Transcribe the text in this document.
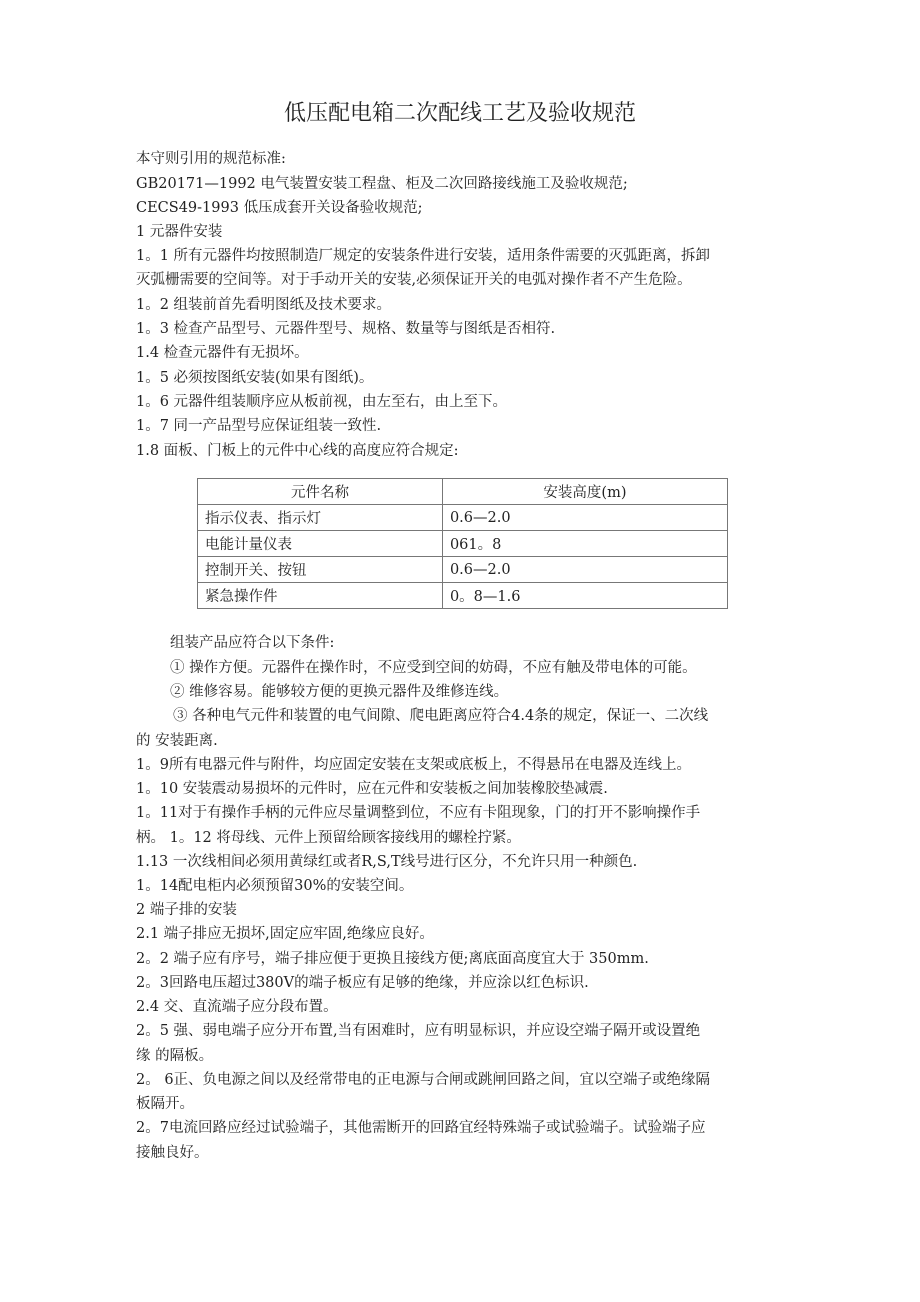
低压配电箱二次配线工艺及验收规范
本守则引用的规范标准:
GB20171—1992 电气装置安装工程盘、柜及二次回路接线施工及验收规范;
CECS49-1993 低压成套开关设备验收规范;
1 元器件安装
1。1 所有元器件均按照制造厂规定的安装条件进行安装，适用条件需要的灭弧距离，拆卸
灭弧栅需要的空间等。对于手动开关的安装,必须保证开关的电弧对操作者不产生危险。
1。2 组装前首先看明图纸及技术要求。
1。3 检查产品型号、元器件型号、规格、数量等与图纸是否相符.
1.4 检查元器件有无损坏。
1。5 必须按图纸安装(如果有图纸)。
1。6 元器件组装顺序应从板前视，由左至右，由上至下。
1。7 同一产品型号应保证组装一致性.
1.8 面板、门板上的元件中心线的高度应符合规定:
元件名称	安装高度(m)
指示仪表、指示灯	0.6—2.0
电能计量仪表	061。8
控制开关、按钮	0.6—2.0
紧急操作件	0。8—1.6
组装产品应符合以下条件:
① 操作方便。元器件在操作时，不应受到空间的妨碍，不应有触及带电体的可能。
② 维修容易。能够较方便的更换元器件及维修连线。
③ 各种电气元件和装置的电气间隙、爬电距离应符合4.4条的规定，保证一、二次线
的 安装距离.
1。9所有电器元件与附件，均应固定安装在支架或底板上，不得悬吊在电器及连线上。
1。10 安装震动易损坏的元件时，应在元件和安装板之间加装橡胶垫减震.
1。11对于有操作手柄的元件应尽量调整到位，不应有卡阻现象，门的打开不影响操作手
柄。 1。12 将母线、元件上预留给顾客接线用的螺栓拧紧。
1.13 一次线相间必须用黄绿红或者R,S,T线号进行区分，不允许只用一种颜色.
1。14配电柜内必须预留30%的安装空间。
2 端子排的安装
2.1 端子排应无损坏,固定应牢固,绝缘应良好。
2。2 端子应有序号，端子排应便于更换且接线方便;离底面高度宜大于 350mm.
2。3回路电压超过380V的端子板应有足够的绝缘，并应涂以红色标识.
2.4 交、直流端子应分段布置。
2。5 强、弱电端子应分开布置,当有困难时，应有明显标识，并应设空端子隔开或设置绝
缘 的隔板。
2。 6正、负电源之间以及经常带电的正电源与合闸或跳闸回路之间，宜以空端子或绝缘隔
板隔开。
2。7电流回路应经过试验端子，其他需断开的回路宜经特殊端子或试验端子。试验端子应
接触良好。
